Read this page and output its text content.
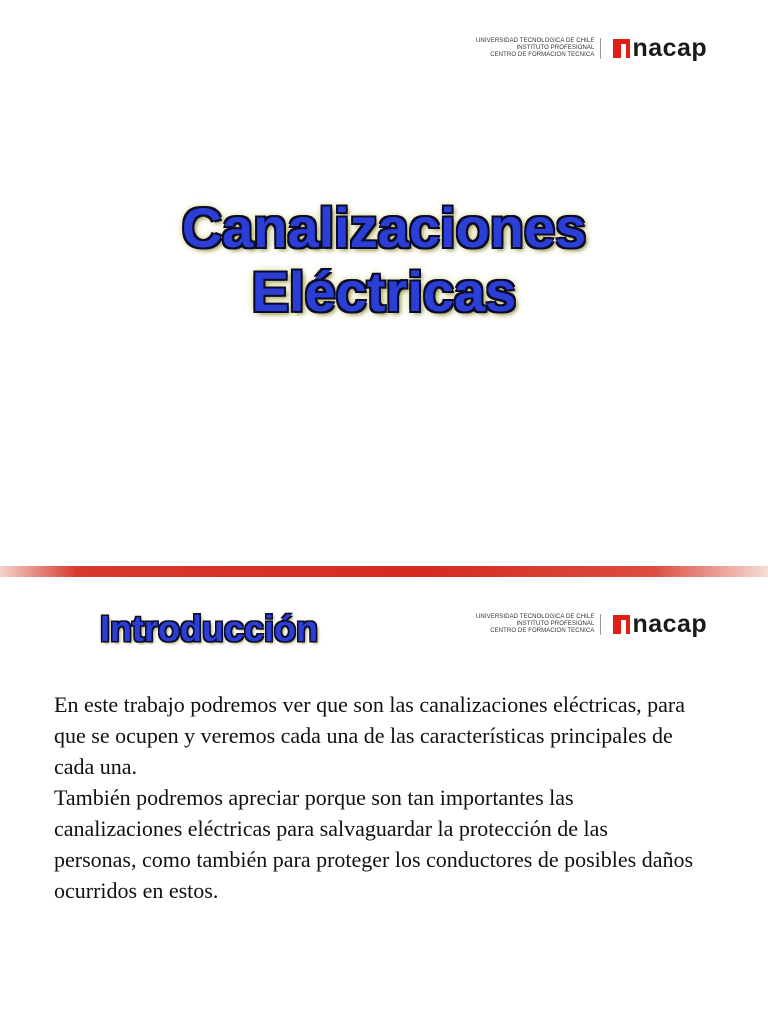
UNIVERSIDAD TECNOLOGICA DE CHILE
INSTITUTO PROFESIONAL
CENTRO DE FORMACION TECNICA nacap
Canalizaciones
Eléctricas
Introducción	UNIVERSIDAD TECNOLOGICA DE CHILE
INSTITUTO PROFESIONAL
CENTRO DE FORMACION TECNICA nacap

En este trabajo podremos ver que son las canalizaciones eléctricas, para que se ocupen y veremos cada una de las características principales de cada una.

También podremos apreciar porque son tan importantes las canalizaciones eléctricas para salvaguardar la protección de las personas, como también para proteger los conductores de posibles daños ocurridos en estos.
